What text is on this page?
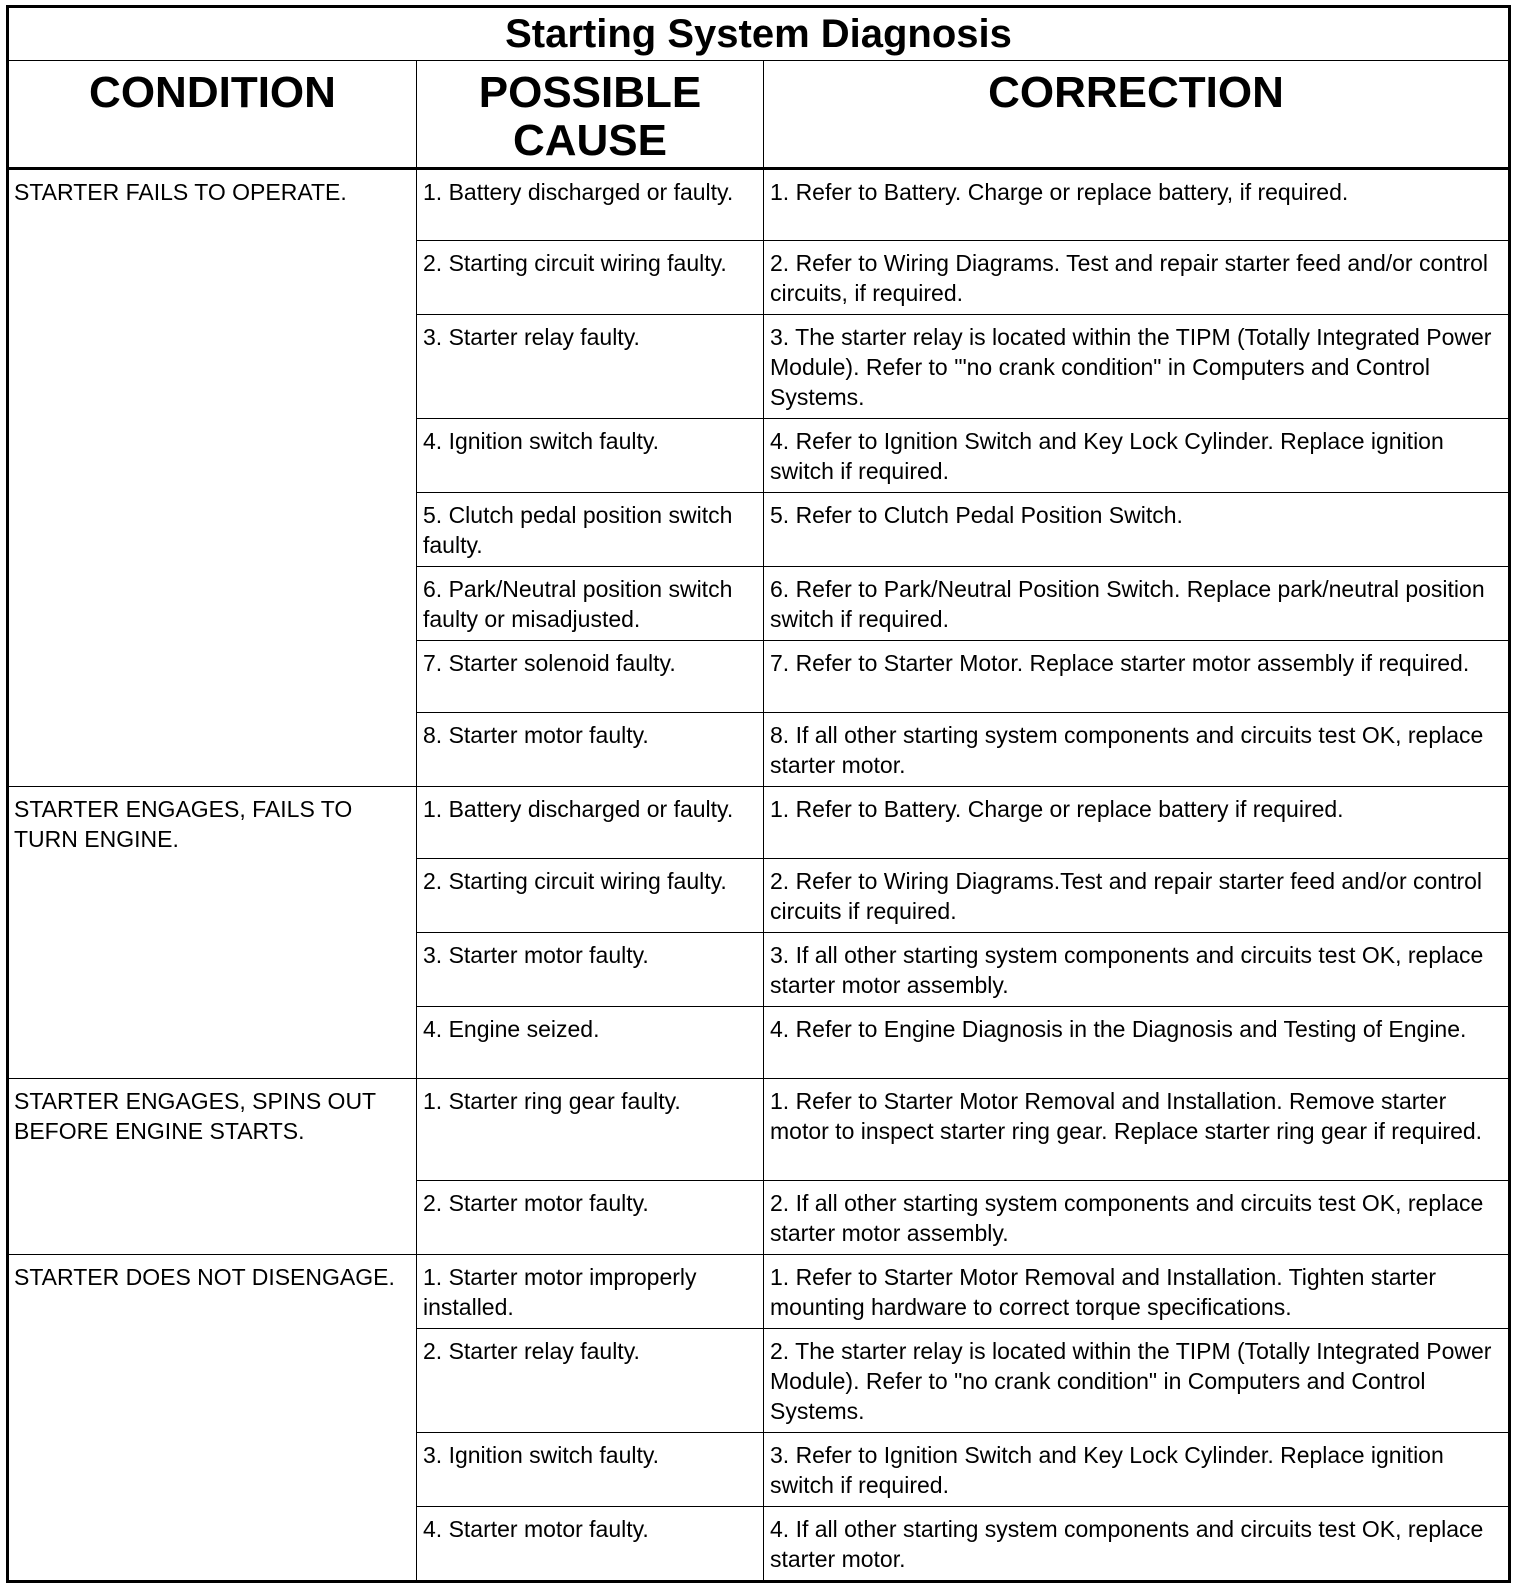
Starting System Diagnosis		
CONDITION	POSSIBLE CAUSE	CORRECTION

STARTER FAILS TO OPERATE.	1. Battery discharged or faulty.	1. Refer to Battery. Charge or replace battery, if required.

	2. Starting circuit wiring faulty.	2. Refer to Wiring Diagrams. Test and repair starter feed and/or control circuits, if required.

	3. Starter relay faulty.	3. The starter relay is located within the TIPM (Totally Integrated Power Module). Refer to '"no crank condition" in Computers and Control Systems.

	4. Ignition switch faulty.	4. Refer to Ignition Switch and Key Lock Cylinder. Replace ignition switch if required.

	5. Clutch pedal position switch faulty.	5. Refer to Clutch Pedal Position Switch.

	6. Park/Neutral position switch faulty or misadjusted.	6. Refer to Park/Neutral Position Switch. Replace park/neutral position switch if required.

	7. Starter solenoid faulty.	7. Refer to Starter Motor. Replace starter motor assembly if required.

	8. Starter motor faulty.	8. If all other starting system components and circuits test OK, replace starter motor.

STARTER ENGAGES, FAILS TO TURN ENGINE.	1. Battery discharged or faulty.	1. Refer to Battery. Charge or replace battery if required.

	2. Starting circuit wiring faulty.	2. Refer to Wiring Diagrams.Test and repair starter feed and/or control circuits if required.

	3. Starter motor faulty.	3. If all other starting system components and circuits test OK, replace starter motor assembly.

	4. Engine seized.	4. Refer to Engine Diagnosis in the Diagnosis and Testing of Engine.

STARTER ENGAGES, SPINS OUT BEFORE ENGINE STARTS.	1. Starter ring gear faulty.	1. Refer to Starter Motor Removal and Installation. Remove starter motor to inspect starter ring gear. Replace starter ring gear if required.

	2. Starter motor faulty.	2. If all other starting system components and circuits test OK, replace starter motor assembly.

STARTER DOES NOT DISENGAGE.	1. Starter motor improperly installed.	1. Refer to Starter Motor Removal and Installation. Tighten starter mounting hardware to correct torque specifications.

	2. Starter relay faulty.	2. The starter relay is located within the TIPM (Totally Integrated Power Module). Refer to "no crank condition" in Computers and Control Systems.

	3. Ignition switch faulty.	3. Refer to Ignition Switch and Key Lock Cylinder. Replace ignition switch if required.

	4. Starter motor faulty.	4. If all other starting system components and circuits test OK, replace starter motor.
